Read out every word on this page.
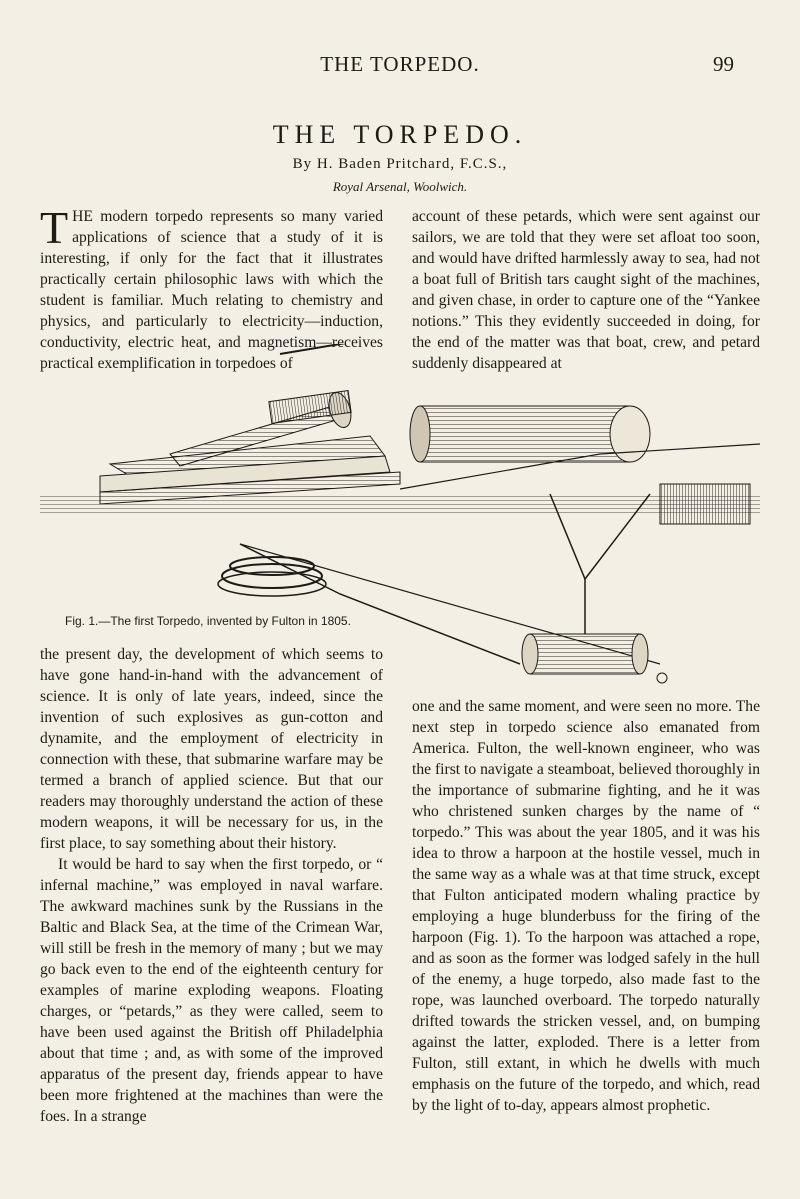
THE TORPEDO.	99
THE TORPEDO.
By H. Baden Pritchard, F.C.S.,
Royal Arsenal, Woolwich.

THE modern torpedo represents so many varied applications of science that a study of it is interesting, if only for the fact that it illustrates practically certain philosophic laws with which the student is familiar. Much relating to chemistry and physics, and particularly to electricity—induction, conductivity, electric heat, and magnetism—receives practical exemplification in torpedoes of

account of these petards, which were sent against our sailors, we are told that they were set afloat too soon, and would have drifted harmlessly away to sea, had not a boat full of British tars caught sight of the machines, and given chase, in order to capture one of the “Yankee notions.” This they evidently succeeded in doing, for the end of the matter was that boat, crew, and petard suddenly disappeared at

Fig. 1.—The first Torpedo, invented by Fulton in 1805.

the present day, the development of which seems to have gone hand-in-hand with the advancement of science. It is only of late years, indeed, since the invention of such explosives as gun-cotton and dynamite, and the employment of electricity in connection with these, that submarine warfare may be termed a branch of applied science. But that our readers may thoroughly understand the action of these modern weapons, it will be necessary for us, in the first place, to say something about their history.

It would be hard to say when the first torpedo, or “ infernal machine,” was employed in naval warfare. The awkward machines sunk by the Russians in the Baltic and Black Sea, at the time of the Crimean War, will still be fresh in the memory of many ; but we may go back even to the end of the eighteenth century for examples of marine exploding weapons. Floating charges, or “petards,” as they were called, seem to have been used against the British off Philadelphia about that time ; and, as with some of the improved apparatus of the present day, friends appear to have been more frightened at the machines than were the foes. In a strange

one and the same moment, and were seen no more. The next step in torpedo science also emanated from America. Fulton, the well-known engineer, who was the first to navigate a steamboat, believed thoroughly in the importance of submarine fighting, and he it was who christened sunken charges by the name of “ torpedo.” This was about the year 1805, and it was his idea to throw a harpoon at the hostile vessel, much in the same way as a whale was at that time struck, except that Fulton anticipated modern whaling practice by employing a huge blunderbuss for the firing of the harpoon (Fig. 1). To the harpoon was attached a rope, and as soon as the former was lodged safely in the hull of the enemy, a huge torpedo, also made fast to the rope, was launched overboard. The torpedo naturally drifted towards the stricken vessel, and, on bumping against the latter, exploded. There is a letter from Fulton, still extant, in which he dwells with much emphasis on the future of the torpedo, and which, read by the light of to-day, appears almost prophetic.
